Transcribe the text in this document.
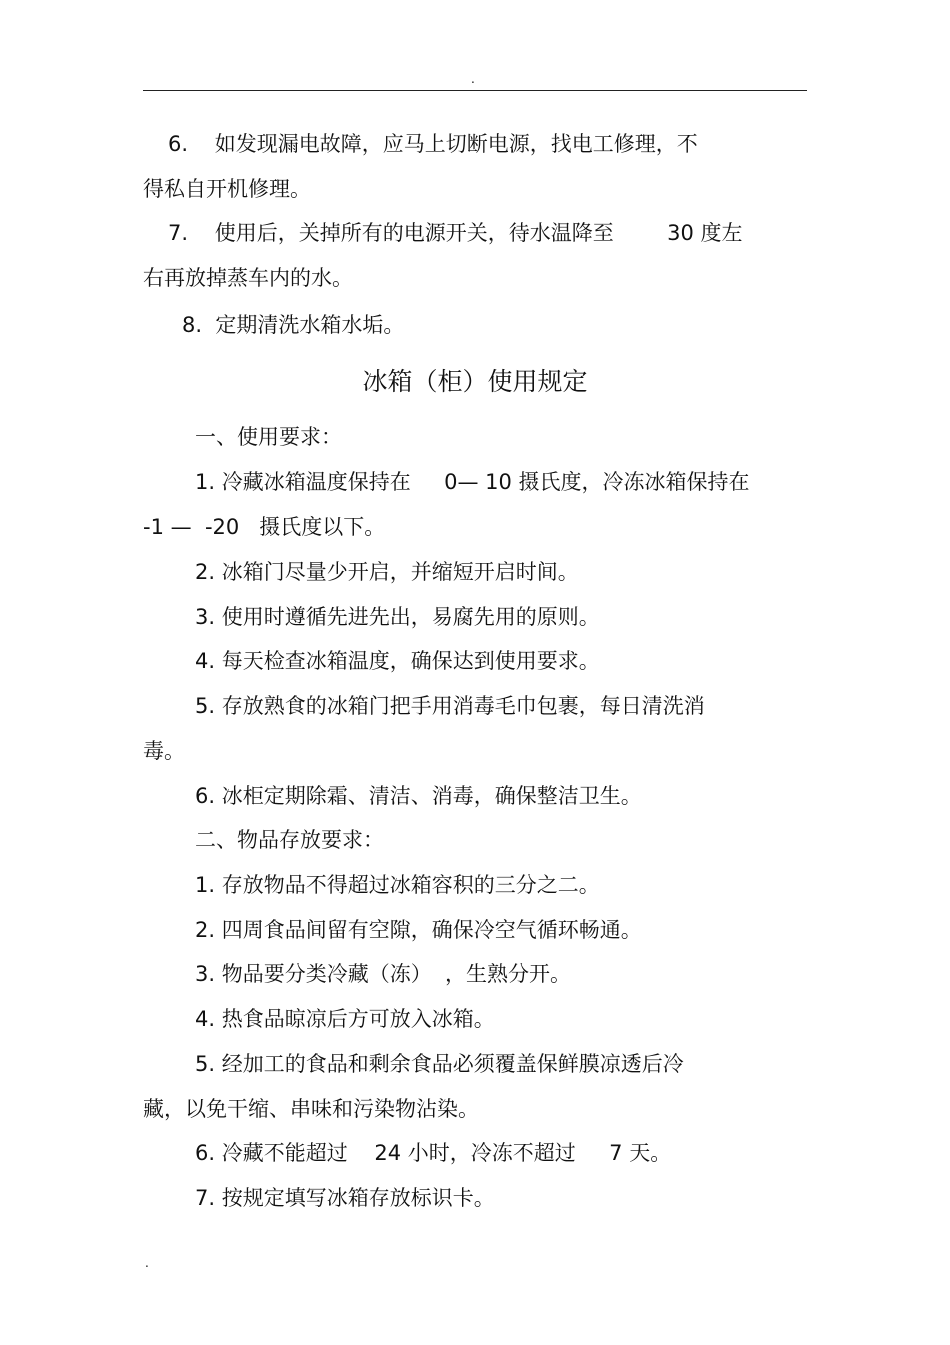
.

6.    如发现漏电故障，应马上切断电源，找电工修理，不

得私自开机修理。

7.    使用后，关掉所有的电源开关，待水温降至        30 度左

右再放掉蒸车内的水。

8.  定期清洗水箱水垢。

冰箱（柜）使用规定

一、使用要求：

1. 冷藏冰箱温度保持在     0— 10 摄氏度，冷冻冰箱保持在

-1 —  -20   摄氏度以下。

2. 冰箱门尽量少开启，并缩短开启时间。

3. 使用时遵循先进先出，易腐先用的原则。

4. 每天检查冰箱温度，确保达到使用要求。

5. 存放熟食的冰箱门把手用消毒毛巾包裹，每日清洗消

毒。

6. 冰柜定期除霜、清洁、消毒，确保整洁卫生。

二、物品存放要求：

1. 存放物品不得超过冰箱容积的三分之二。

2. 四周食品间留有空隙，确保冷空气循环畅通。

3. 物品要分类冷藏（冻）  ，生熟分开。

4. 热食品晾凉后方可放入冰箱。

5. 经加工的食品和剩余食品必须覆盖保鲜膜凉透后冷

藏，以免干缩、串味和污染物沾染。

6. 冷藏不能超过    24 小时，冷冻不超过     7 天。

7. 按规定填写冰箱存放标识卡。

.
